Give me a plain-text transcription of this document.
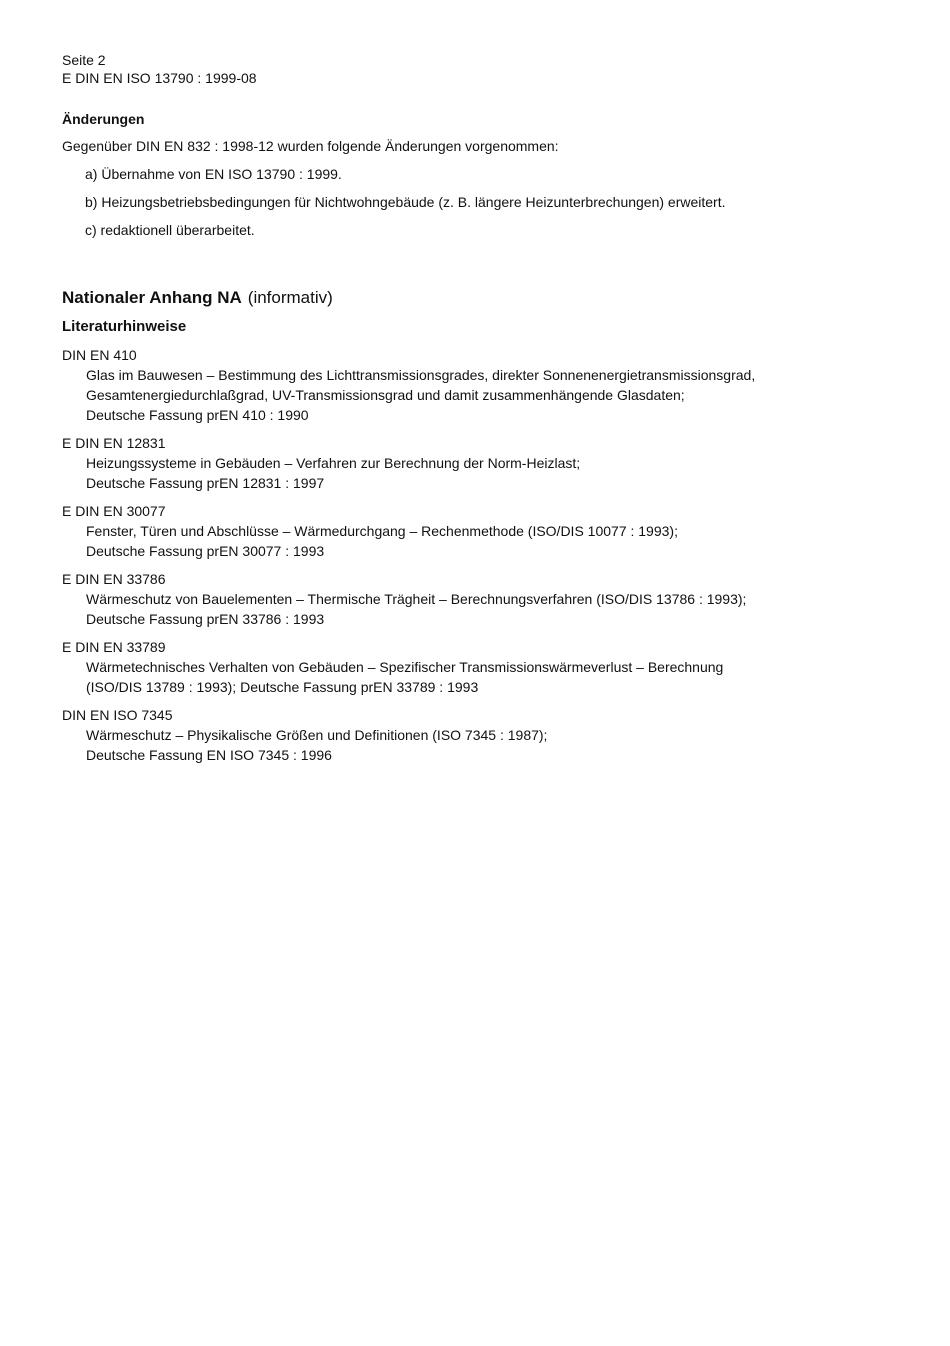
Seite 2
E DIN EN ISO 13790 : 1999-08
Änderungen
Gegenüber DIN EN 832 : 1998-12 wurden folgende Änderungen vorgenommen:
a) Übernahme von EN ISO 13790 : 1999.
b) Heizungsbetriebsbedingungen für Nichtwohngebäude (z. B. längere Heizunterbrechungen) erweitert.
c) redaktionell überarbeitet.
Nationaler Anhang NA (informativ)
Literaturhinweise
DIN EN 410
Glas im Bauwesen – Bestimmung des Lichttransmissionsgrades, direkter Sonnenenergietransmissionsgrad,
Gesamtenergiedurchlaßgrad, UV-Transmissionsgrad und damit zusammenhängende Glasdaten;
Deutsche Fassung prEN 410 : 1990
E DIN EN 12831
Heizungssysteme in Gebäuden – Verfahren zur Berechnung der Norm-Heizlast;
Deutsche Fassung prEN 12831 : 1997
E DIN EN 30077
Fenster, Türen und Abschlüsse – Wärmedurchgang – Rechenmethode (ISO/DIS 10077 : 1993);
Deutsche Fassung prEN 30077 : 1993
E DIN EN 33786
Wärmeschutz von Bauelementen – Thermische Trägheit – Berechnungsverfahren (ISO/DIS 13786 : 1993);
Deutsche Fassung prEN 33786 : 1993
E DIN EN 33789
Wärmetechnisches Verhalten von Gebäuden – Spezifischer Transmissionswärmeverlust – Berechnung
(ISO/DIS 13789 : 1993); Deutsche Fassung prEN 33789 : 1993
DIN EN ISO 7345
Wärmeschutz – Physikalische Größen und Definitionen (ISO 7345 : 1987);
Deutsche Fassung EN ISO 7345 : 1996
